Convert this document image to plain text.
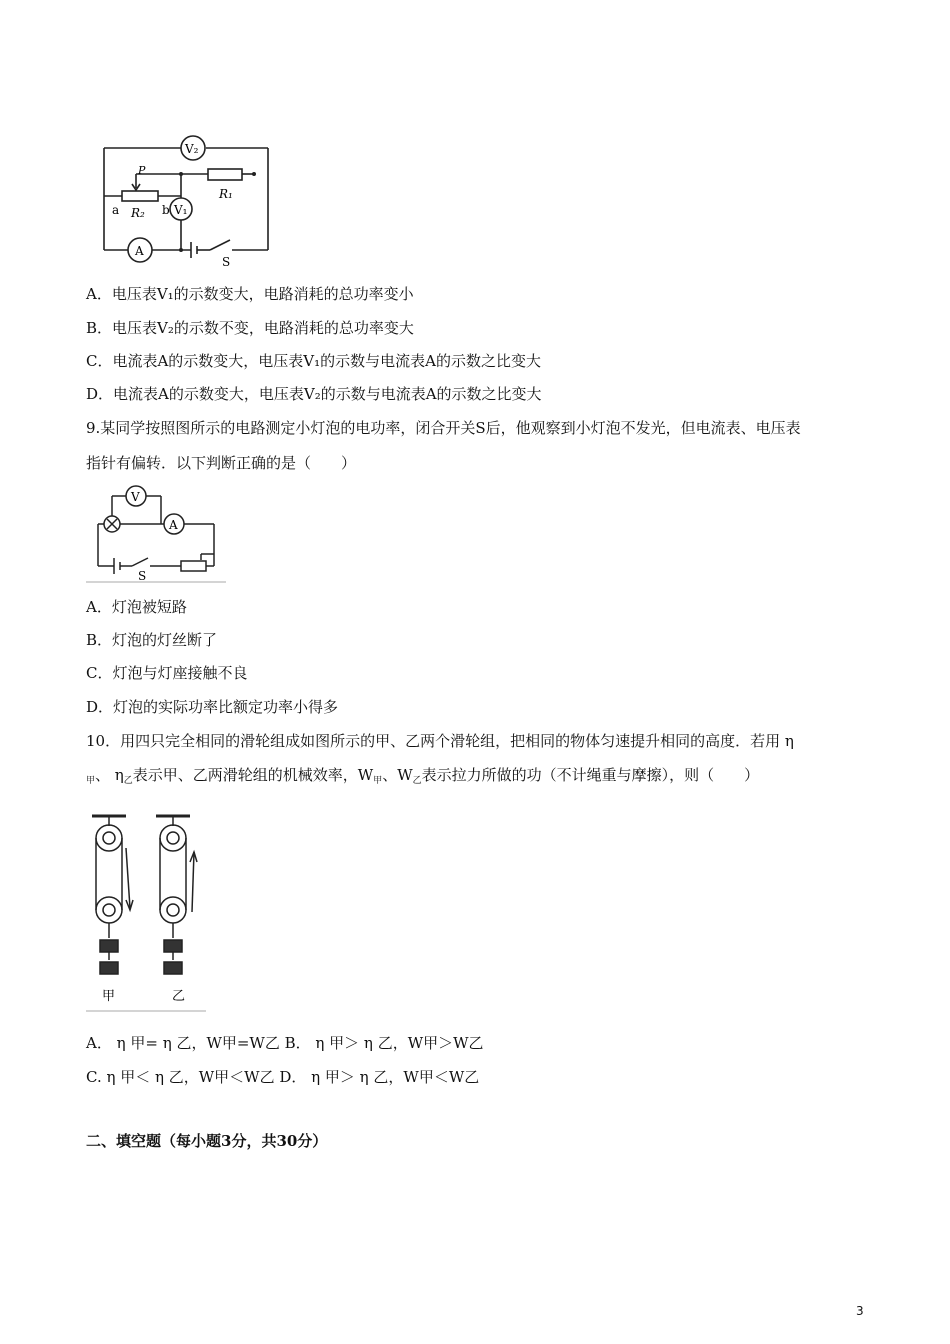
V₂
V₁
P
R₁
R₂
a	b
A
S
A．电压表V₁的示数变大，电路消耗的总功率变小
B．电压表V₂的示数不变，电路消耗的总功率变大
C．电流表A的示数变大，电压表V₁的示数与电流表A的示数之比变大
D．电流表A的示数变大，电压表V₂的示数与电流表A的示数之比变大
9.某同学按照图所示的电路测定小灯泡的电功率，闭合开关S后，他观察到小灯泡不发光，但电流表、电压表
指针有偏转．以下判断正确的是（　　）
V
A
S
A．灯泡被短路
B．灯泡的灯丝断了
C．灯泡与灯座接触不良
D．灯泡的实际功率比额定功率小得多
10．用四只完全相同的滑轮组成如图所示的甲、乙两个滑轮组，把相同的物体匀速提升相同的高度．若用 η
$_甲$、 $\eta_乙$表示甲、乙两滑轮组的机械效率，$W_甲$、$W_乙$表示拉力所做的功（不计绳重与摩擦），则（　　）
甲	乙
A． η 甲= η 乙，W甲=W乙 B． η 甲＞ η 乙，W甲＞W乙
C. η 甲＜ η 乙，W甲＜W乙 D． η 甲＞ η 乙，W甲＜W乙
二、填空题（每小题3分，共30分）
3
